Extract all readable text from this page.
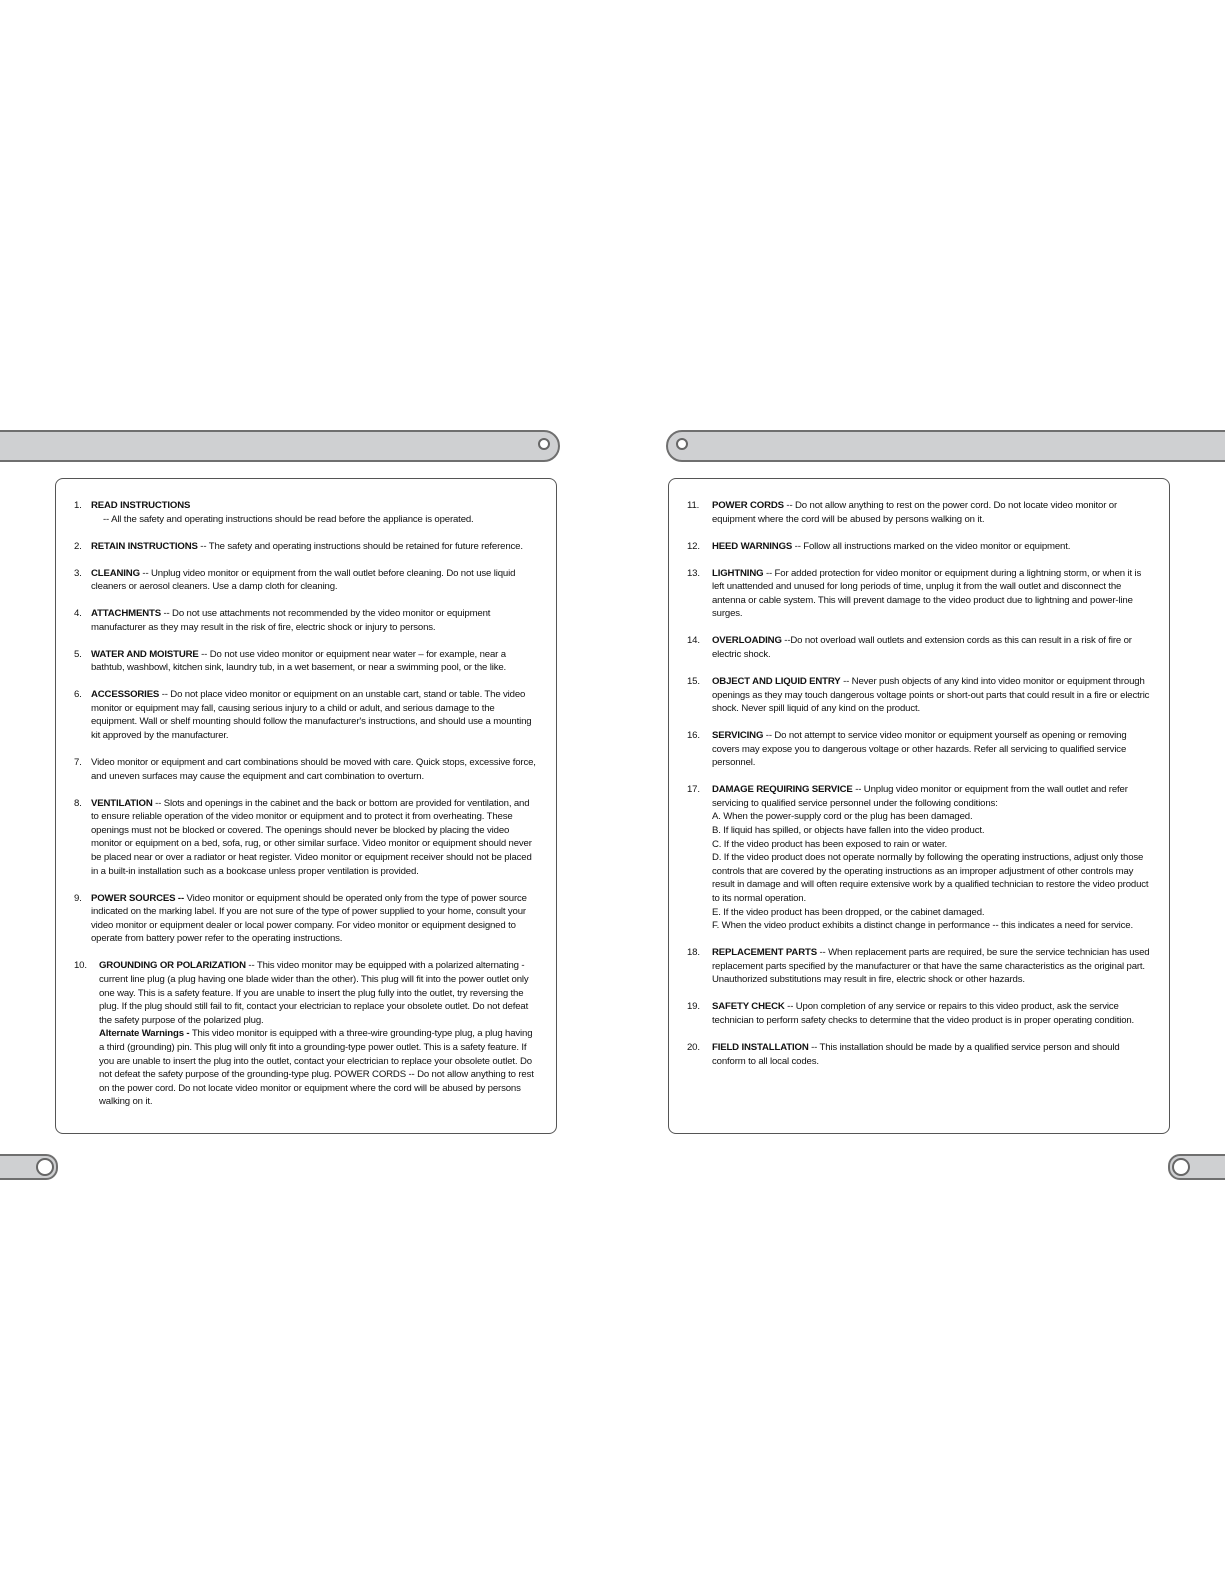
1. READ INSTRUCTIONS
-- All the safety and operating instructions should be read before the appliance is operated.
2. RETAIN INSTRUCTIONS -- The safety and operating instructions should be retained for future reference.
3. CLEANING -- Unplug video monitor or equipment from the wall outlet before cleaning. Do not use liquid cleaners or aerosol cleaners. Use a damp cloth for cleaning.
4. ATTACHMENTS -- Do not use attachments not recommended by the video monitor or equipment manufacturer as they may result in the risk of fire, electric shock or injury to persons.
5. WATER AND MOISTURE -- Do not use video monitor or equipment near water – for example, near a bathtub, washbowl, kitchen sink, laundry tub, in a wet basement, or near a swimming pool, or the like.
6. ACCESSORIES -- Do not place video monitor or equipment on an unstable cart, stand or table. The video monitor or equipment may fall, causing serious injury to a child or adult, and serious damage to the equipment. Wall or shelf mounting should follow the manufacturer's instructions, and should use a mounting kit approved by the manufacturer.
7. Video monitor or equipment and cart combinations should be moved with care. Quick stops, excessive force, and uneven surfaces may cause the equipment and cart combination to overturn.
8. VENTILATION -- Slots and openings in the cabinet and the back or bottom are provided for ventilation, and to ensure reliable operation of the video monitor or equipment and to protect it from overheating. These openings must not be blocked or covered. The openings should never be blocked by placing the video monitor or equipment on a bed, sofa, rug, or other similar surface. Video monitor or equipment should never be placed near or over a radiator or heat register. Video monitor or equipment receiver should not be placed in a built-in installation such as a bookcase unless proper ventilation is provided.
9. POWER SOURCES -- Video monitor or equipment should be operated only from the type of power source indicated on the marking label. If you are not sure of the type of power supplied to your home, consult your video monitor or equipment dealer or local power company. For video monitor or equipment designed to operate from battery power refer to the operating instructions.
10.	GROUNDING OR POLARIZATION -- This video monitor may be equipped with a polarized alternating - current line plug (a plug having one blade wider than the other). This plug will fit into the power outlet only one way. This is a safety feature. If you are unable to insert the plug fully into the outlet, try reversing the plug. If the plug should still fail to fit, contact your electrician to replace your obsolete outlet. Do not defeat the safety purpose of the polarized plug.
Alternate Warnings - This video monitor is equipped with a three-wire grounding-type plug, a plug having a third (grounding) pin. This plug will only fit into a grounding-type power outlet. This is a safety feature. If you are unable to insert the plug into the outlet, contact your electrician to replace your obsolete outlet. Do not defeat the safety purpose of the grounding-type plug. POWER CORDS -- Do not allow anything to rest on the power cord. Do not locate video monitor or equipment where the cord will be abused by persons walking on it.
11.	POWER CORDS -- Do not allow anything to rest on the power cord. Do not locate video monitor or equipment where the cord will be abused by persons walking on it.
12.	HEED WARNINGS -- Follow all instructions marked on the video monitor or equipment.
13.	LIGHTNING -- For added protection for video monitor or equipment during a lightning storm, or when it is left unattended and unused for long periods of time, unplug it from the wall outlet and disconnect the antenna or cable system. This will prevent damage to the video product due to lightning and power-line surges.
14.	OVERLOADING --Do not overload wall outlets and extension cords as this can result in a risk of fire or electric shock.
15.	OBJECT AND LIQUID ENTRY -- Never push objects of any kind into video monitor or equipment through openings as they may touch dangerous voltage points or short-out parts that could result in a fire or electric shock. Never spill liquid of any kind on the product.
16.	SERVICING -- Do not attempt to service video monitor or equipment yourself as opening or removing covers may expose you to dangerous voltage or other hazards. Refer all servicing to qualified service personnel.
17.	DAMAGE REQUIRING SERVICE -- Unplug video monitor or equipment from the wall outlet and refer servicing to qualified service personnel under the following conditions:
A. When the power-supply cord or the plug has been damaged.
B. If liquid has spilled, or objects have fallen into the video product.
C. If the video product has been exposed to rain or water.
D. If the video product does not operate normally by following the operating instructions, adjust only those controls that are covered by the operating instructions as an improper adjustment of other controls may result in damage and will often require extensive work by a qualified technician to restore the video product to its normal operation.
E. If the video product has been dropped, or the cabinet damaged.
F. When the video product exhibits a distinct change in performance -- this indicates a need for service.
18.	REPLACEMENT PARTS -- When replacement parts are required, be sure the service technician has used replacement parts specified by the manufacturer or that have the same characteristics as the original part. Unauthorized substitutions may result in fire, electric shock or other hazards.
19.	SAFETY CHECK -- Upon completion of any service or repairs to this video product, ask the service technician to perform safety checks to determine that the video product is in proper operating condition.
20.	FIELD INSTALLATION -- This installation should be made by a qualified service person and should conform to all local codes.
